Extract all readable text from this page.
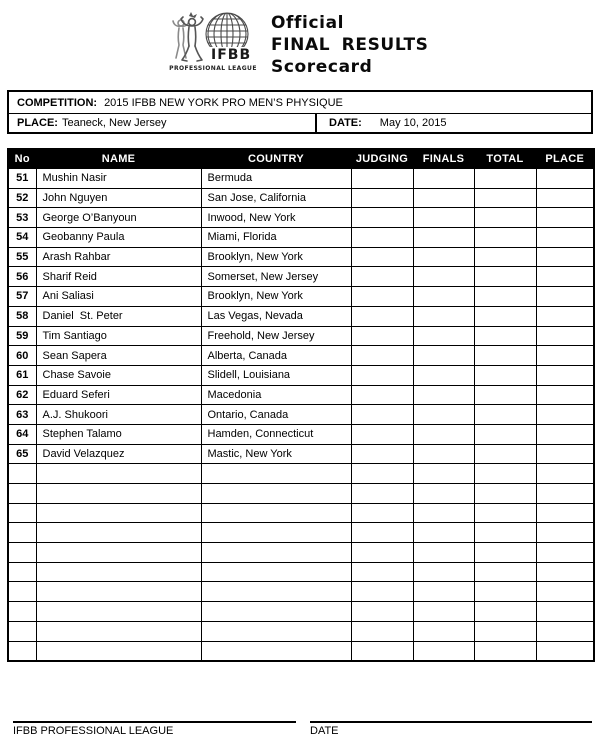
IFBB
PROFESSIONAL LEAGUE
Official
FINAL RESULTS
Scorecard
COMPETITION: 2015 IFBB NEW YORK PRO MEN’S PHYSIQUE
PLACE: Teaneck, New Jersey	DATE: May 10, 2015
No	NAME	COUNTRY	JUDGING	FINALS	TOTAL	PLACE
51	Mushin Nasir	Bermuda				
52	John Nguyen	San Jose, California				
53	George O’Banyoun	Inwood, New York				
54	Geobanny Paula	Miami, Florida				
55	Arash Rahbar	Brooklyn, New York				
56	Sharif Reid	Somerset, New Jersey				
57	Ani Saliasi	Brooklyn, New York				
58	Daniel  St. Peter	Las Vegas, Nevada				
59	Tim Santiago	Freehold, New Jersey				
60	Sean Sapera	Alberta, Canada				
61	Chase Savoie	Slidell, Louisiana				
62	Eduard Seferi	Macedonia				
63	A.J. Shukoori	Ontario, Canada				
64	Stephen Talamo	Hamden, Connecticut				
65	David Velazquez	Mastic, New York				

IFBB PROFESSIONAL LEAGUE	DATE
